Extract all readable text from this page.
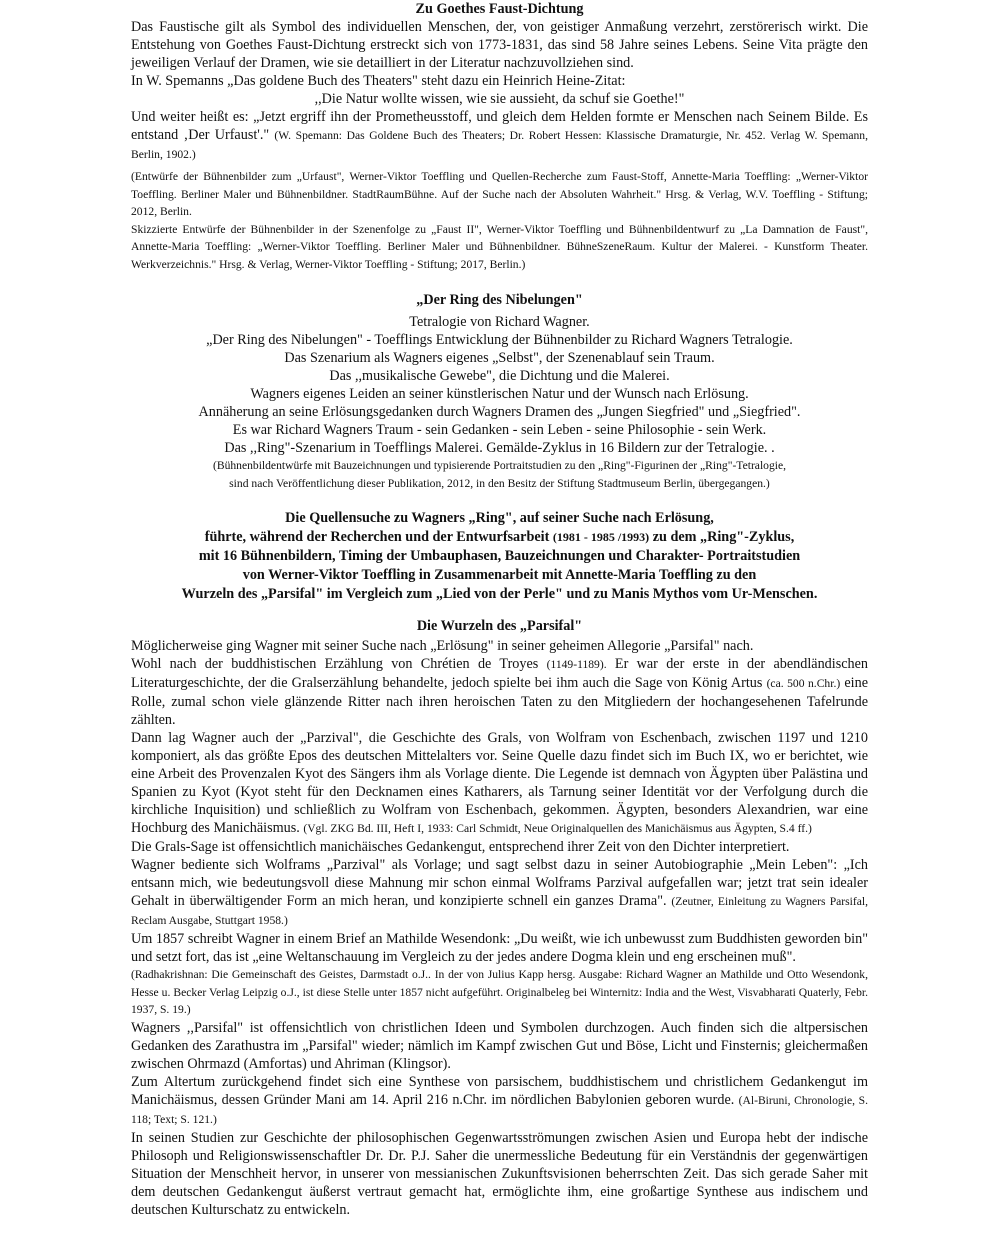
Zu Goethes Faust-Dichtung

Das Faustische gilt als Symbol des individuellen Menschen, der, von geistiger Anmaßung verzehrt, zerstörerisch wirkt. Die Entstehung von Goethes Faust-Dichtung erstreckt sich von 1773-1831, das sind 58 Jahre seines Lebens. Seine Vita prägte den jeweiligen Verlauf der Dramen, wie sie detailliert in der Literatur nachzuvollziehen sind.

In W. Spemanns „Das goldene Buch des Theaters" steht dazu ein Heinrich Heine-Zitat:

,,Die Natur wollte wissen, wie sie aussieht, da schuf sie Goethe!"

Und weiter heißt es: „Jetzt ergriff ihn der Prometheusstoff, und gleich dem Helden formte er Menschen nach Seinem Bilde. Es entstand ‚Der Urfaust'." (W. Spemann: Das Goldene Buch des Theaters; Dr. Robert Hessen: Klassische Dramaturgie, Nr. 452. Verlag W. Spemann, Berlin, 1902.)

(Entwürfe der Bühnenbilder zum „Urfaust", Werner-Viktor Toeffling und Quellen-Recherche zum Faust-Stoff, Annette-Maria Toeffling: „Werner-Viktor Toeffling. Berliner Maler und Bühnenbildner. StadtRaumBühne. Auf der Suche nach der Absoluten Wahrheit." Hrsg. & Verlag, W.V. Toeffling - Stiftung; 2012, Berlin.

Skizzierte Entwürfe der Bühnenbilder in der Szenenfolge zu „Faust II", Werner-Viktor Toeffling und Bühnenbildentwurf zu „La Damnation de Faust", Annette-Maria Toeffling: „Werner-Viktor Toeffling. Berliner Maler und Bühnenbildner. BühneSzeneRaum. Kultur der Malerei. - Kunstform Theater. Werkverzeichnis." Hrsg. & Verlag, Werner-Viktor Toeffling - Stiftung; 2017, Berlin.)

„Der Ring des Nibelungen"

Tetralogie von Richard Wagner.

„Der Ring des Nibelungen" - Toefflings Entwicklung der Bühnenbilder zu Richard Wagners Tetralogie.

Das Szenarium als Wagners eigenes „Selbst", der Szenenablauf sein Traum.

Das ,,musikalische Gewebe", die Dichtung und die Malerei.

Wagners eigenes Leiden an seiner künstlerischen Natur und der Wunsch nach Erlösung.

Annäherung an seine Erlösungsgedanken durch Wagners Dramen des „Jungen Siegfried" und „Siegfried".

Es war Richard Wagners Traum - sein Gedanken - sein Leben - seine Philosophie - sein Werk.

Das ,,Ring"-Szenarium in Toefflings Malerei. Gemälde-Zyklus in 16 Bildern zur der Tetralogie. .

(Bühnenbildentwürfe mit Bauzeichnungen und typisierende Portraitstudien zu den „Ring"-Figurinen der „Ring"-Tetralogie,

sind nach Veröffentlichung dieser Publikation, 2012, in den Besitz der Stiftung Stadtmuseum Berlin, übergegangen.)

Die Quellensuche zu Wagners „Ring", auf seiner Suche nach Erlösung,

führte, während der Recherchen und der Entwurfsarbeit (1981 - 1985 /1993) zu dem „Ring"-Zyklus,

mit 16 Bühnenbildern, Timing der Umbauphasen, Bauzeichnungen und Charakter- Portraitstudien

von Werner-Viktor Toeffling in Zusammenarbeit mit Annette-Maria Toeffling zu den

Wurzeln des „Parsifal" im Vergleich zum „Lied von der Perle" und zu Manis Mythos vom Ur-Menschen.

Die Wurzeln des „Parsifal"

Möglicherweise ging Wagner mit seiner Suche nach „Erlösung" in seiner geheimen Allegorie „Parsifal" nach.

Wohl nach der buddhistischen Erzählung von Chrétien de Troyes (1149-1189). Er war der erste in der abendländischen Literaturgeschichte, der die Gralserzählung behandelte, jedoch spielte bei ihm auch die Sage von König Artus (ca. 500 n.Chr.) eine Rolle, zumal schon viele glänzende Ritter nach ihren heroischen Taten zu den Mitgliedern der hochangesehenen Tafelrunde zählten.

Dann lag Wagner auch der „Parzival", die Geschichte des Grals, von Wolfram von Eschenbach, zwischen 1197 und 1210 komponiert, als das größte Epos des deutschen Mittelalters vor. Seine Quelle dazu findet sich im Buch IX, wo er berichtet, wie eine Arbeit des Provenzalen Kyot des Sängers ihm als Vorlage diente. Die Legende ist demnach von Ägypten über Palästina und Spanien zu Kyot (Kyot steht für den Decknamen eines Katharers, als Tarnung seiner Identität vor der Verfolgung durch die kirchliche Inquisition) und schließlich zu Wolfram von Eschenbach, gekommen. Ägypten, besonders Alexandrien, war eine Hochburg des Manichäismus. (Vgl. ZKG Bd. III, Heft I, 1933: Carl Schmidt, Neue Originalquellen des Manichäismus aus Ägypten, S.4 ff.)

Die Grals-Sage ist offensichtlich manichäisches Gedankengut, entsprechend ihrer Zeit von den Dichter interpretiert.

Wagner bediente sich Wolframs „Parzival" als Vorlage; und sagt selbst dazu in seiner Autobiographie „Mein Leben": „Ich entsann mich, wie bedeutungsvoll diese Mahnung mir schon einmal Wolframs Parzival aufgefallen war; jetzt trat sein idealer Gehalt in überwältigender Form an mich heran, und konzipierte schnell ein ganzes Drama". (Zeutner, Einleitung zu Wagners Parsifal, Reclam Ausgabe, Stuttgart 1958.)

Um 1857 schreibt Wagner in einem Brief an Mathilde Wesendonk: „Du weißt, wie ich unbewusst zum Buddhisten geworden bin" und setzt fort, das ist „eine Weltanschauung im Vergleich zu der jedes andere Dogma klein und eng erscheinen muß".

(Radhakrishnan: Die Gemeinschaft des Geistes, Darmstadt o.J.. In der von Julius Kapp hersg. Ausgabe: Richard Wagner an Mathilde und Otto Wesendonk, Hesse u. Becker Verlag Leipzig o.J., ist diese Stelle unter 1857 nicht aufgeführt. Originalbeleg bei Winternitz: India and the West, Visvabharati Quaterly, Febr. 1937, S. 19.)

Wagners ,,Parsifal" ist offensichtlich von christlichen Ideen und Symbolen durchzogen. Auch finden sich die altpersischen Gedanken des Zarathustra im „Parsifal" wieder; nämlich im Kampf zwischen Gut und Böse, Licht und Finsternis; gleichermaßen zwischen Ohrmazd (Amfortas) und Ahriman (Klingsor).

Zum Altertum zurückgehend findet sich eine Synthese von parsischem, buddhistischem und christlichem Gedankengut im Manichäismus, dessen Gründer Mani am 14. April 216 n.Chr. im nördlichen Babylonien geboren wurde. (Al-Biruni, Chronologie, S. 118; Text; S. 121.)

In seinen Studien zur Geschichte der philosophischen Gegenwartsströmungen zwischen Asien und Europa hebt der indische Philosoph und Religionswissenschaftler Dr. Dr. P.J. Saher die unermessliche Bedeutung für ein Verständnis der gegenwärtigen Situation der Menschheit hervor, in unserer von messianischen Zukunftsvisionen beherrschten Zeit. Das sich gerade Saher mit dem deutschen Gedankengut äußerst vertraut gemacht hat, ermöglichte ihm, eine großartige Synthese aus indischem und deutschen Kulturschatz zu entwickeln.
